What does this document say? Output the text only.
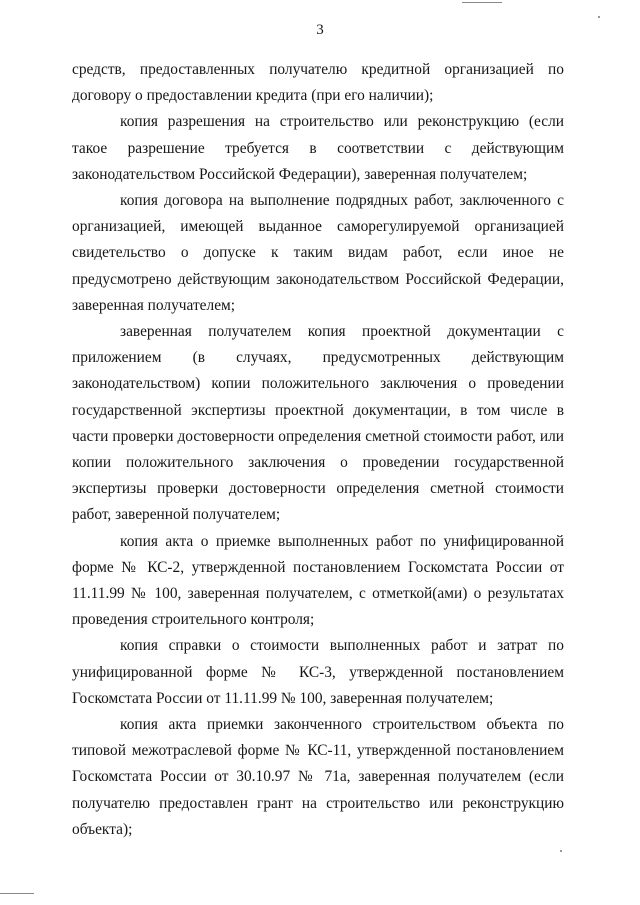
3

средств, предоставленных получателю кредитной организацией по договору о предоставлении кредита (при его наличии);

копия разрешения на строительство или реконструкцию (если такое разрешение требуется в соответствии с действующим законодательством Российской Федерации), заверенная получателем;

копия договора на выполнение подрядных работ, заключенного с организацией, имеющей выданное саморегулируемой организацией свидетельство о допуске к таким видам работ, если иное не предусмотрено действующим законодательством Российской Федерации, заверенная получателем;

заверенная получателем копия проектной документации с приложением (в случаях, предусмотренных действующим законодательством) копии положительного заключения о проведении государственной экспертизы проектной документации, в том числе в части проверки достоверности определения сметной стоимости работ, или копии положительного заключения о проведении государственной экспертизы проверки достоверности определения сметной стоимости работ, заверенной получателем;

копия акта о приемке выполненных работ по унифицированной форме № КС-2, утвержденной постановлением Госкомстата России от 11.11.99 № 100, заверенная получателем, с отметкой(ами) о результатах проведения строительного контроля;

копия справки о стоимости выполненных работ и затрат по унифицированной форме № КС-3, утвержденной постановлением Госкомстата России от 11.11.99 № 100, заверенная получателем;

копия акта приемки законченного строительством объекта по типовой межотраслевой форме № КС-11, утвержденной постановлением Госкомстата России от 30.10.97 № 71а, заверенная получателем (если получателю предоставлен грант на строительство или реконструкцию объекта);
